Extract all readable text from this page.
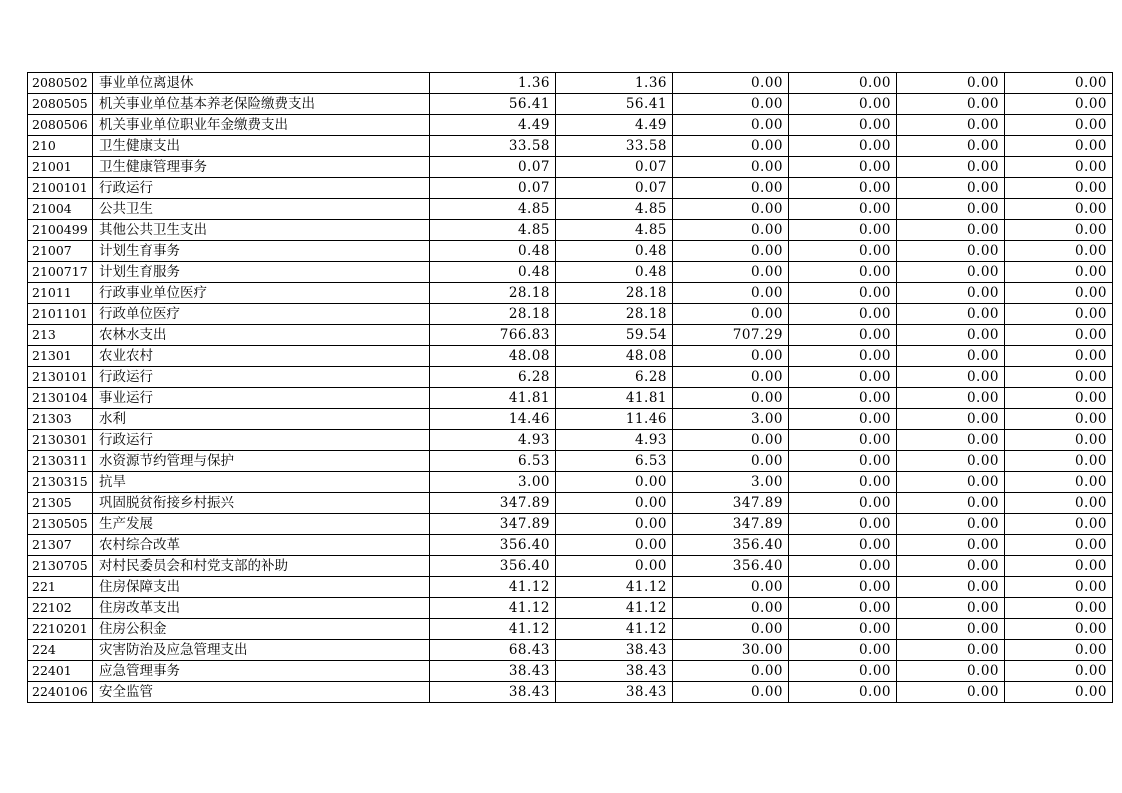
2080502	事业单位离退休	1.36	1.36	0.00	0.00	0.00	0.00
2080505	机关事业单位基本养老保险缴费支出	56.41	56.41	0.00	0.00	0.00	0.00
2080506	机关事业单位职业年金缴费支出	4.49	4.49	0.00	0.00	0.00	0.00
210	卫生健康支出	33.58	33.58	0.00	0.00	0.00	0.00
21001	卫生健康管理事务	0.07	0.07	0.00	0.00	0.00	0.00
2100101	行政运行	0.07	0.07	0.00	0.00	0.00	0.00
21004	公共卫生	4.85	4.85	0.00	0.00	0.00	0.00
2100499	其他公共卫生支出	4.85	4.85	0.00	0.00	0.00	0.00
21007	计划生育事务	0.48	0.48	0.00	0.00	0.00	0.00
2100717	计划生育服务	0.48	0.48	0.00	0.00	0.00	0.00
21011	行政事业单位医疗	28.18	28.18	0.00	0.00	0.00	0.00
2101101	行政单位医疗	28.18	28.18	0.00	0.00	0.00	0.00
213	农林水支出	766.83	59.54	707.29	0.00	0.00	0.00
21301	农业农村	48.08	48.08	0.00	0.00	0.00	0.00
2130101	行政运行	6.28	6.28	0.00	0.00	0.00	0.00
2130104	事业运行	41.81	41.81	0.00	0.00	0.00	0.00
21303	水利	14.46	11.46	3.00	0.00	0.00	0.00
2130301	行政运行	4.93	4.93	0.00	0.00	0.00	0.00
2130311	水资源节约管理与保护	6.53	6.53	0.00	0.00	0.00	0.00
2130315	抗旱	3.00	0.00	3.00	0.00	0.00	0.00
21305	巩固脱贫衔接乡村振兴	347.89	0.00	347.89	0.00	0.00	0.00
2130505	生产发展	347.89	0.00	347.89	0.00	0.00	0.00
21307	农村综合改革	356.40	0.00	356.40	0.00	0.00	0.00
2130705	对村民委员会和村党支部的补助	356.40	0.00	356.40	0.00	0.00	0.00
221	住房保障支出	41.12	41.12	0.00	0.00	0.00	0.00
22102	住房改革支出	41.12	41.12	0.00	0.00	0.00	0.00
2210201	住房公积金	41.12	41.12	0.00	0.00	0.00	0.00
224	灾害防治及应急管理支出	68.43	38.43	30.00	0.00	0.00	0.00
22401	应急管理事务	38.43	38.43	0.00	0.00	0.00	0.00
2240106	安全监管	38.43	38.43	0.00	0.00	0.00	0.00
